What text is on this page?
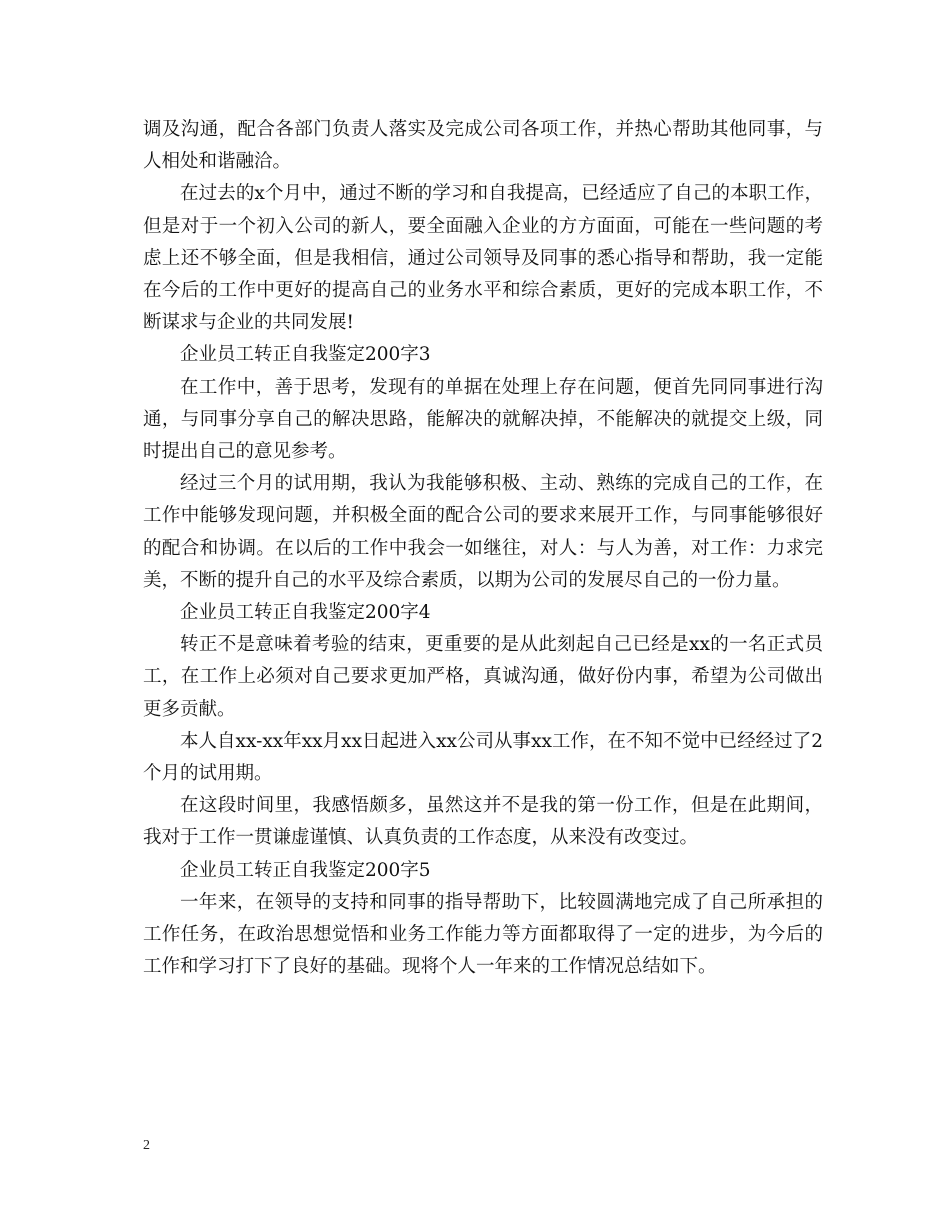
调及沟通，配合各部门负责人落实及完成公司各项工作，并热心帮助其他同事，与人相处和谐融洽。

在过去的x个月中，通过不断的学习和自我提高，已经适应了自己的本职工作，但是对于一个初入公司的新人，要全面融入企业的方方面面，可能在一些问题的考虑上还不够全面，但是我相信，通过公司领导及同事的悉心指导和帮助，我一定能在今后的工作中更好的提高自己的业务水平和综合素质，更好的完成本职工作，不断谋求与企业的共同发展!

企业员工转正自我鉴定200字3

在工作中，善于思考，发现有的单据在处理上存在问题，便首先同同事进行沟通，与同事分享自己的解决思路，能解决的就解决掉，不能解决的就提交上级，同时提出自己的意见参考。

经过三个月的试用期，我认为我能够积极、主动、熟练的完成自己的工作，在工作中能够发现问题，并积极全面的配合公司的要求来展开工作，与同事能够很好的配合和协调。在以后的工作中我会一如继往，对人：与人为善，对工作：力求完美，不断的提升自己的水平及综合素质，以期为公司的发展尽自己的一份力量。

企业员工转正自我鉴定200字4

转正不是意味着考验的结束，更重要的是从此刻起自己已经是xx的一名正式员工，在工作上必须对自己要求更加严格，真诚沟通，做好份内事，希望为公司做出更多贡献。

本人自xx-xx年xx月xx日起进入xx公司从事xx工作，在不知不觉中已经经过了2个月的试用期。

在这段时间里，我感悟颇多，虽然这并不是我的第一份工作，但是在此期间，我对于工作一贯谦虚谨慎、认真负责的工作态度，从来没有改变过。

企业员工转正自我鉴定200字5

一年来，在领导的支持和同事的指导帮助下，比较圆满地完成了自己所承担的工作任务，在政治思想觉悟和业务工作能力等方面都取得了一定的进步，为今后的工作和学习打下了良好的基础。现将个人一年来的工作情况总结如下。

2
